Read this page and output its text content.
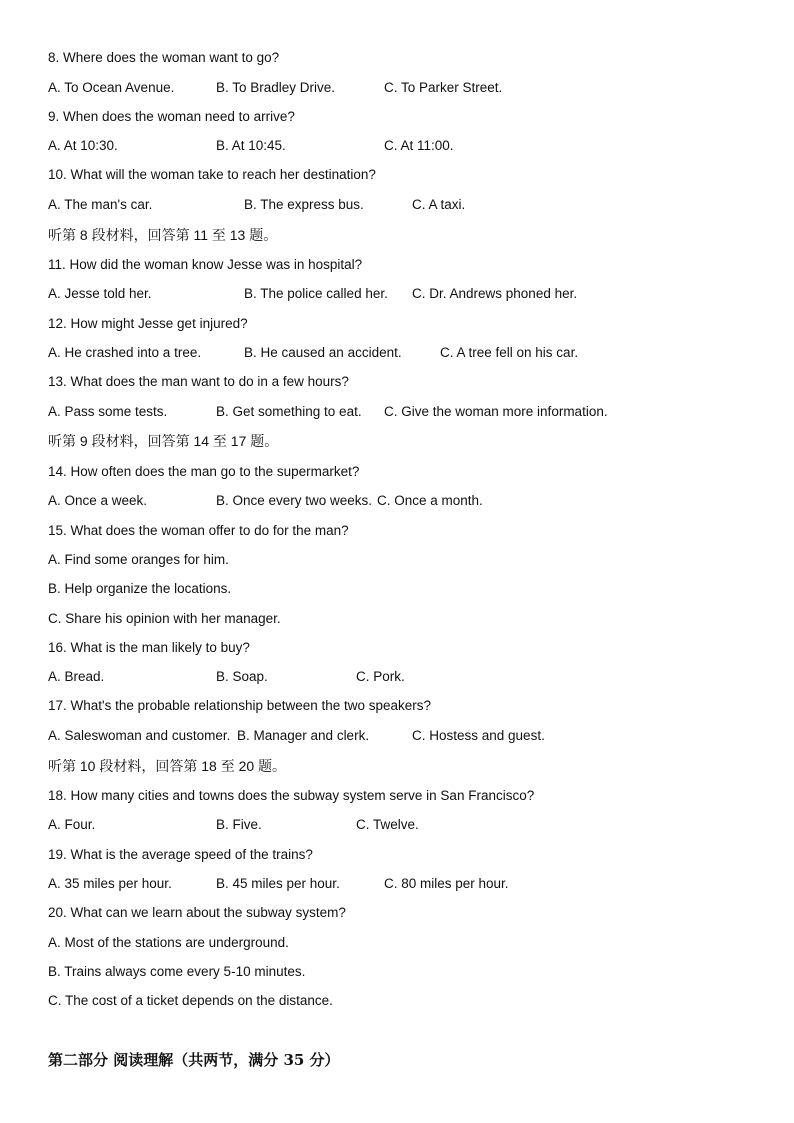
8. Where does the woman want to go?
A. To Ocean Avenue.	B. To Bradley Drive.	C. To Parker Street.
9. When does the woman need to arrive?
A. At 10:30.	B. At 10:45.	C. At 11:00.
10. What will the woman take to reach her destination?
A. The man's car.	B. The express bus.	C. A taxi.
听第 8 段材料，回答第 11 至 13 题。
11. How did the woman know Jesse was in hospital?
A. Jesse told her.	B. The police called her. C. Dr. Andrews phoned her.
12. How might Jesse get injured?
A. He crashed into a tree.	B. He caused an accident.	C. A tree fell on his car.
13. What does the man want to do in a few hours?
A. Pass some tests.	B. Get something to eat. C. Give the woman more information.
听第 9 段材料，回答第 14 至 17 题。
14. How often does the man go to the supermarket?
A. Once a week.	B. Once every two weeks. C. Once a month.
15. What does the woman offer to do for the man?
A. Find some oranges for him.
B. Help organize the locations.
C. Share his opinion with her manager.
16. What is the man likely to buy?
A. Bread.	B. Soap.	C. Pork.
17. What's the probable relationship between the two speakers?
A. Saleswoman and customer. B. Manager and clerk.	C. Hostess and guest.
听第 10 段材料，回答第 18 至 20 题。
18. How many cities and towns does the subway system serve in San Francisco?
A. Four.	B. Five.	C. Twelve.
19. What is the average speed of the trains?
A. 35 miles per hour.	B. 45 miles per hour.	C. 80 miles per hour.
20. What can we learn about the subway system?
A. Most of the stations are underground.
B. Trains always come every 5-10 minutes.
C. The cost of a ticket depends on the distance.
第二部分 阅读理解（共两节，满分 35 分）
